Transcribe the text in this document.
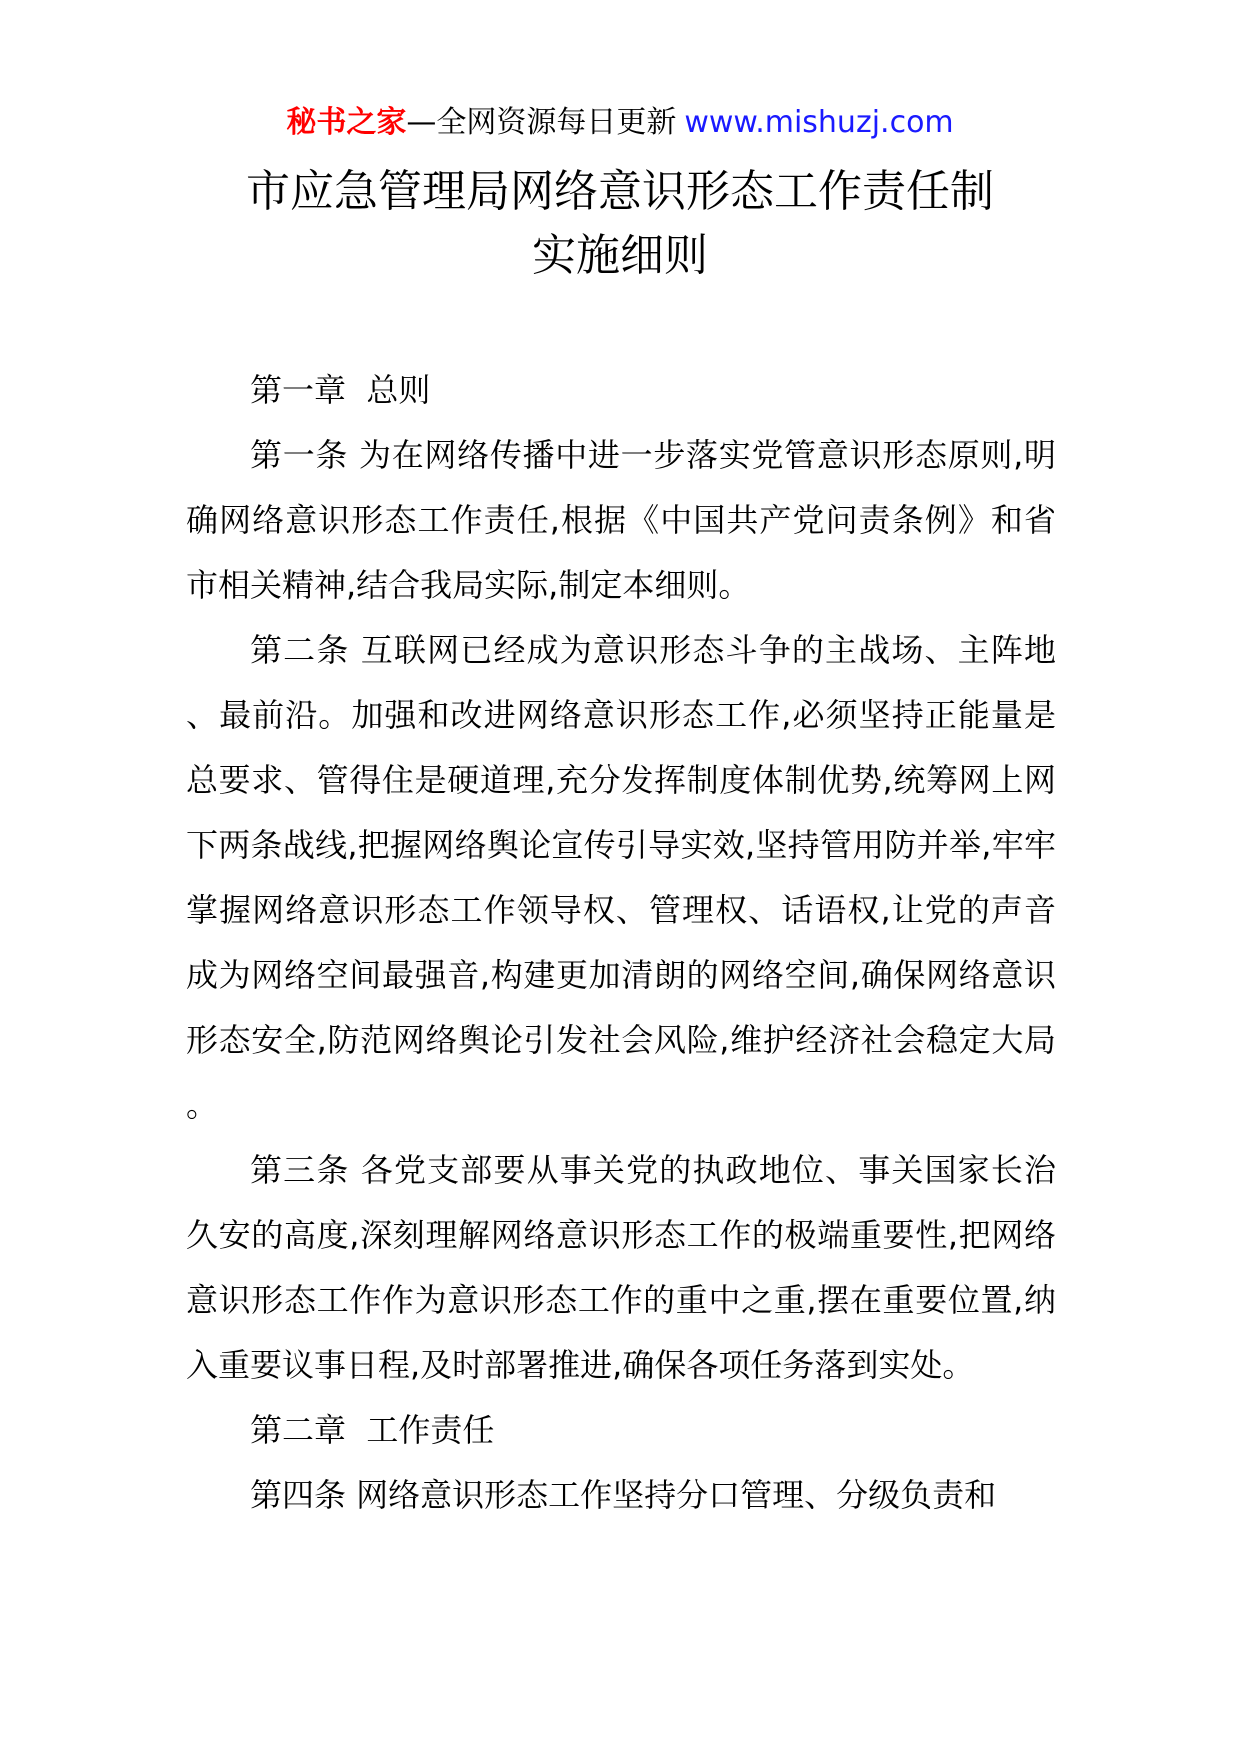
秘书之家—全网资源每日更新 www.mishuzj.com
市应急管理局网络意识形态工作责任制
实施细则

第一章  总则

第一条 为在网络传播中进一步落实党管意识形态原则,明确网络意识形态工作责任,根据《中国共产党问责条例》和省市相关精神,结合我局实际,制定本细则。

第二条 互联网已经成为意识形态斗争的主战场、主阵地、最前沿。加强和改进网络意识形态工作,必须坚持正能量是总要求、管得住是硬道理,充分发挥制度体制优势,统筹网上网下两条战线,把握网络舆论宣传引导实效,坚持管用防并举,牢牢掌握网络意识形态工作领导权、管理权、话语权,让党的声音成为网络空间最强音,构建更加清朗的网络空间,确保网络意识形态安全,防范网络舆论引发社会风险,维护经济社会稳定大局。

第三条 各党支部要从事关党的执政地位、事关国家长治久安的高度,深刻理解网络意识形态工作的极端重要性,把网络意识形态工作作为意识形态工作的重中之重,摆在重要位置,纳入重要议事日程,及时部署推进,确保各项任务落到实处。

第二章  工作责任

第四条 网络意识形态工作坚持分口管理、分级负责和
